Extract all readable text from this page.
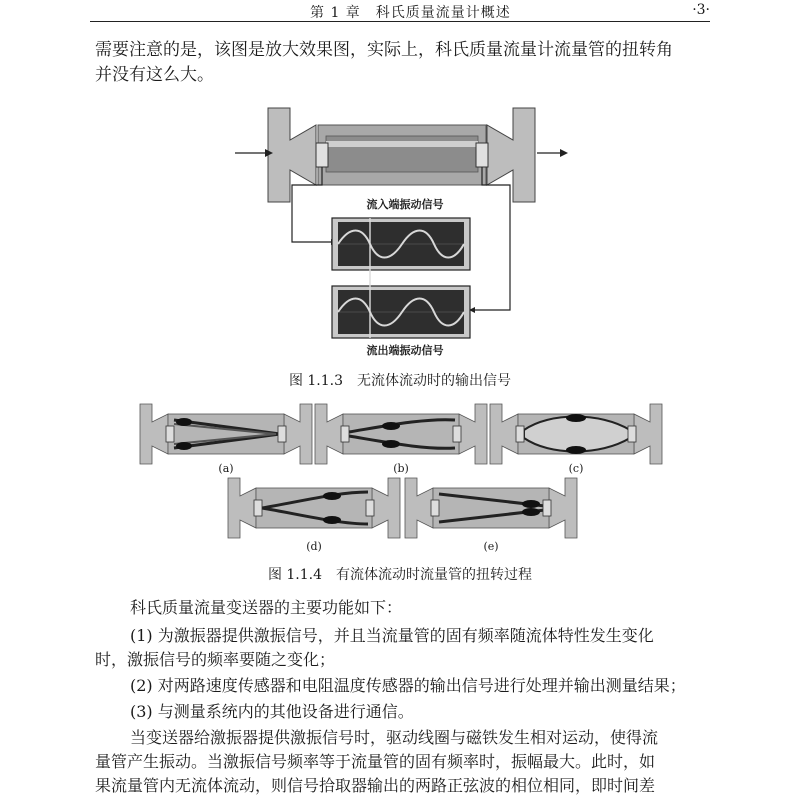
第 1 章　科氏质量流量计概述	·3·
需要注意的是，该图是放大效果图，实际上，科氏质量流量计流量管的扭转角
并没有这么大。
流入端振动信号
流出端振动信号
图 1.1.3　无流体流动时的输出信号
(a)	(b)	(c)
(d)	(e)
图 1.1.4　有流体流动时流量管的扭转过程
科氏质量流量变送器的主要功能如下：
(1) 为激振器提供激振信号，并且当流量管的固有频率随流体特性发生变化
时，激振信号的频率要随之变化；
(2) 对两路速度传感器和电阻温度传感器的输出信号进行处理并输出测量结果；
(3) 与测量系统内的其他设备进行通信。
当变送器给激振器提供激振信号时，驱动线圈与磁铁发生相对运动，使得流
量管产生振动。当激振信号频率等于流量管的固有频率时，振幅最大。此时，如
果流量管内无流体流动，则信号拾取器输出的两路正弦波的相位相同，即时间差
